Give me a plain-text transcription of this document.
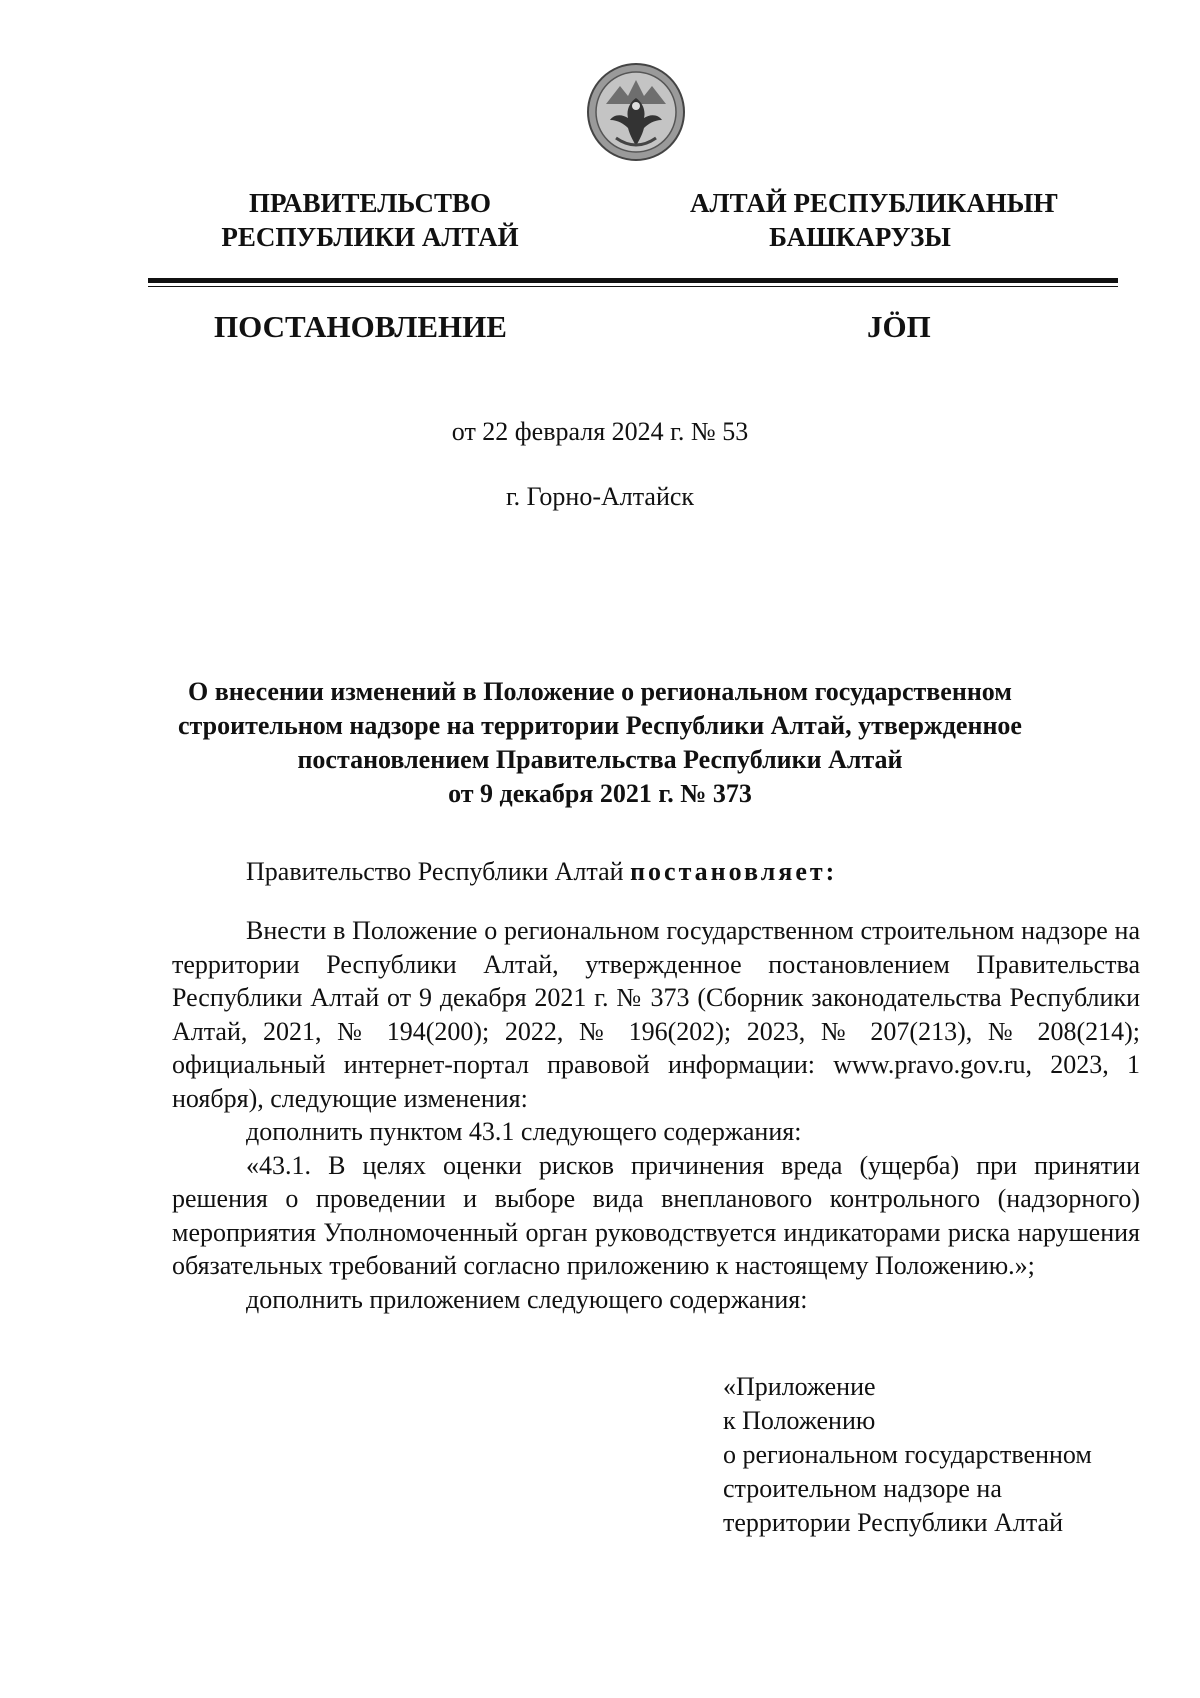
ПРАВИТЕЛЬСТВО
РЕСПУБЛИКИ АЛТАЙ
АЛТАЙ РЕСПУБЛИКАНЫҤ
БАШКАРУЗЫ
ПОСТАНОВЛЕНИЕ	ЈÖП
от 22 февраля 2024 г. № 53
г. Горно-Алтайск
О внесении изменений в Положение о региональном государственном
строительном надзоре на территории Республики Алтай, утвержденное
постановлением Правительства Республики Алтай
от 9 декабря 2021 г. № 373
Правительство Республики Алтай постановляет:

Внести в Положение о региональном государственном строительном надзоре на территории Республики Алтай, утвержденное постановлением Правительства Республики Алтай от 9 декабря 2021 г. № 373 (Сборник законодательства Республики Алтай, 2021, № 194(200); 2022, № 196(202); 2023, № 207(213), № 208(214); официальный интернет-портал правовой информации: www.pravo.gov.ru, 2023, 1 ноября), следующие изменения:

дополнить пунктом 43.1 следующего содержания:

«43.1. В целях оценки рисков причинения вреда (ущерба) при принятии решения о проведении и выборе вида внепланового контрольного (надзорного) мероприятия Уполномоченный орган руководствуется индикаторами риска нарушения обязательных требований согласно приложению к настоящему Положению.»;

дополнить приложением следующего содержания:

«Приложение
к Положению
о региональном государственном
строительном надзоре на
территории Республики Алтай
